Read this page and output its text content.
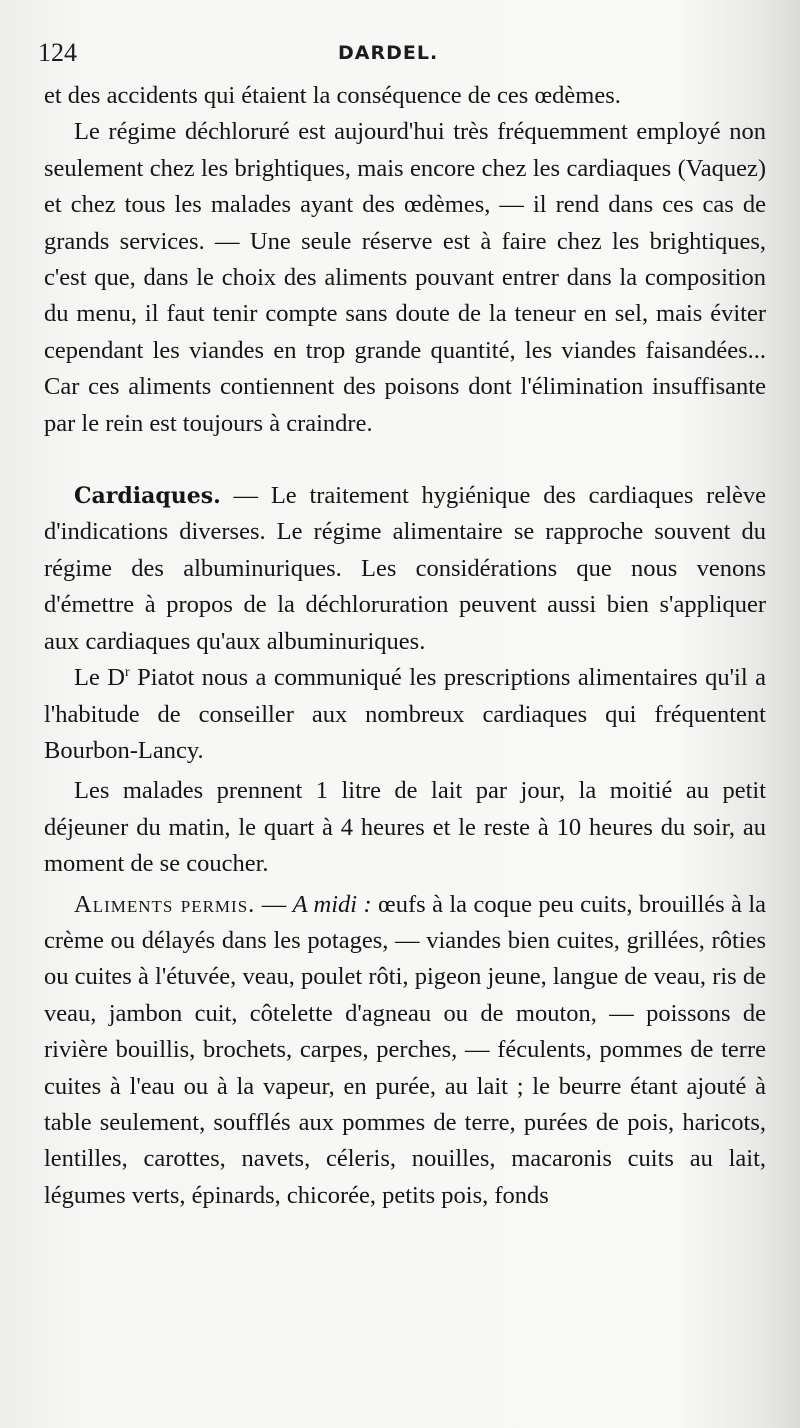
124	DARDEL.

et des accidents qui étaient la conséquence de ces œdèmes.

Le régime déchloruré est aujourd'hui très fréquemment employé non seulement chez les brightiques, mais encore chez les cardiaques (Vaquez) et chez tous les malades ayant des œdèmes, — il rend dans ces cas de grands services. — Une seule réserve est à faire chez les brightiques, c'est que, dans le choix des aliments pouvant entrer dans la composition du menu, il faut tenir compte sans doute de la teneur en sel, mais éviter cependant les viandes en trop grande quantité, les viandes faisandées... Car ces aliments contiennent des poisons dont l'élimination insuffisante par le rein est toujours à craindre.

Cardiaques. — Le traitement hygiénique des cardiaques relève d'indications diverses. Le régime alimentaire se rapproche souvent du régime des albuminuriques. Les considérations que nous venons d'émettre à propos de la déchloruration peuvent aussi bien s'appliquer aux cardiaques qu'aux albuminuriques.

Le $D^r$ Piatot nous a communiqué les prescriptions alimentaires qu'il a l'habitude de conseiller aux nombreux cardiaques qui fréquentent Bourbon-Lancy.

Les malades prennent 1 litre de lait par jour, la moitié au petit déjeuner du matin, le quart à 4 heures et le reste à 10 heures du soir, au moment de se coucher.

Aliments permis. — A midi : œufs à la coque peu cuits, brouillés à la crème ou délayés dans les potages, — viandes bien cuites, grillées, rôties ou cuites à l'étuvée, veau, poulet rôti, pigeon jeune, langue de veau, ris de veau, jambon cuit, côtelette d'agneau ou de mouton, — poissons de rivière bouillis, brochets, carpes, perches, — féculents, pommes de terre cuites à l'eau ou à la vapeur, en purée, au lait ; le beurre étant ajouté à table seulement, soufflés aux pommes de terre, purées de pois, haricots, lentilles, carottes, navets, céleris, nouilles, macaronis cuits au lait, légumes verts, épinards, chicorée, petits pois, fonds
